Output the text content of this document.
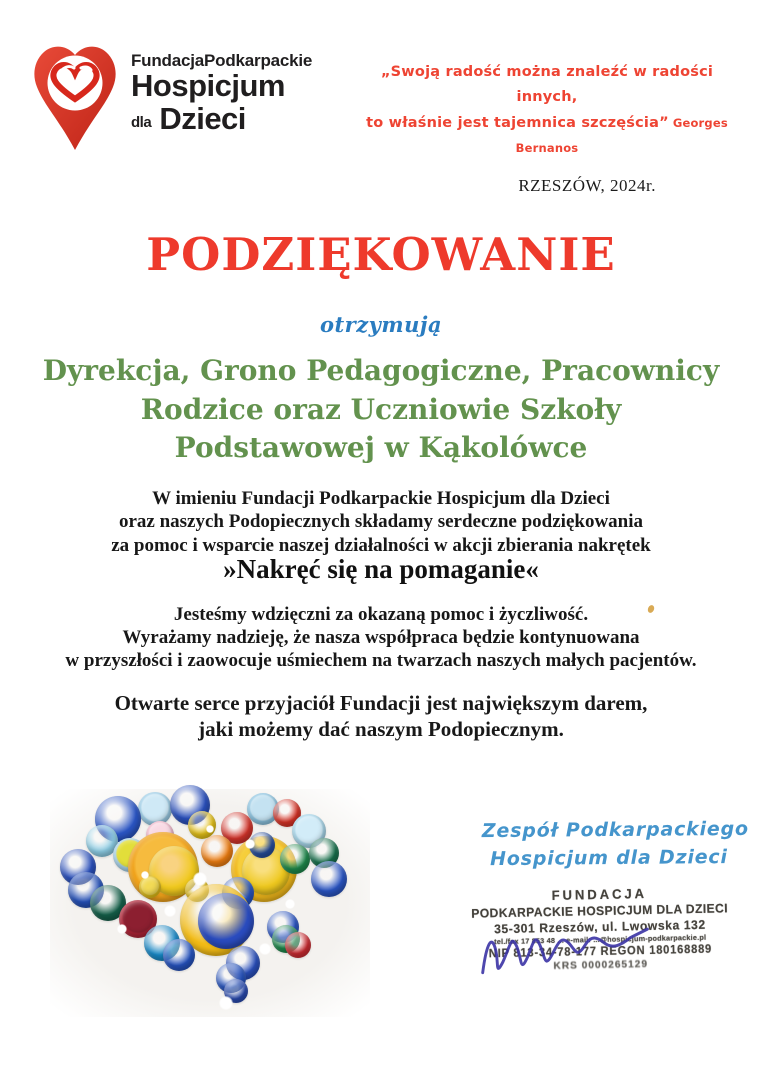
FundacjaPodkarpackie
Hospicjum
dla Dzieci
„Swoją radość można znaleźć w radości innych,
to właśnie jest tajemnica szczęścia” Georges Bernanos
RZESZÓW, 2024r.
PODZIĘKOWANIE
otrzymują
Dyrekcja, Grono Pedagogiczne, Pracownicy
Rodzice oraz Uczniowie Szkoły
Podstawowej w Kąkolówce
W imieniu Fundacji Podkarpackie Hospicjum dla Dzieci
oraz naszych Podopiecznych składamy serdeczne podziękowania
za pomoc i wsparcie naszej działalności w akcji zbierania nakrętek
»Nakręć się na pomaganie«
Jesteśmy wdzięczni za okazaną pomoc i życzliwość.
Wyrażamy nadzieję, że nasza współpraca będzie kontynuowana
w przyszłości i zaowocuje uśmiechem na twarzach naszych małych pacjentów.
Otwarte serce przyjaciół Fundacji jest największym darem,
jaki możemy dać naszym Podopiecznym.
Zespół Podkarpackiego
Hospicjum dla Dzieci
FUNDACJA
PODKARPACKIE HOSPICJUM DLA DZIECI
35-301 Rzeszów, ul. Lwowska 132
tel./fax 17 853 48 ... e-mail: ...@hospicjum-podkarpackie.pl
NIP 813-34-78-177 REGON 180168889
KRS 0000265129
